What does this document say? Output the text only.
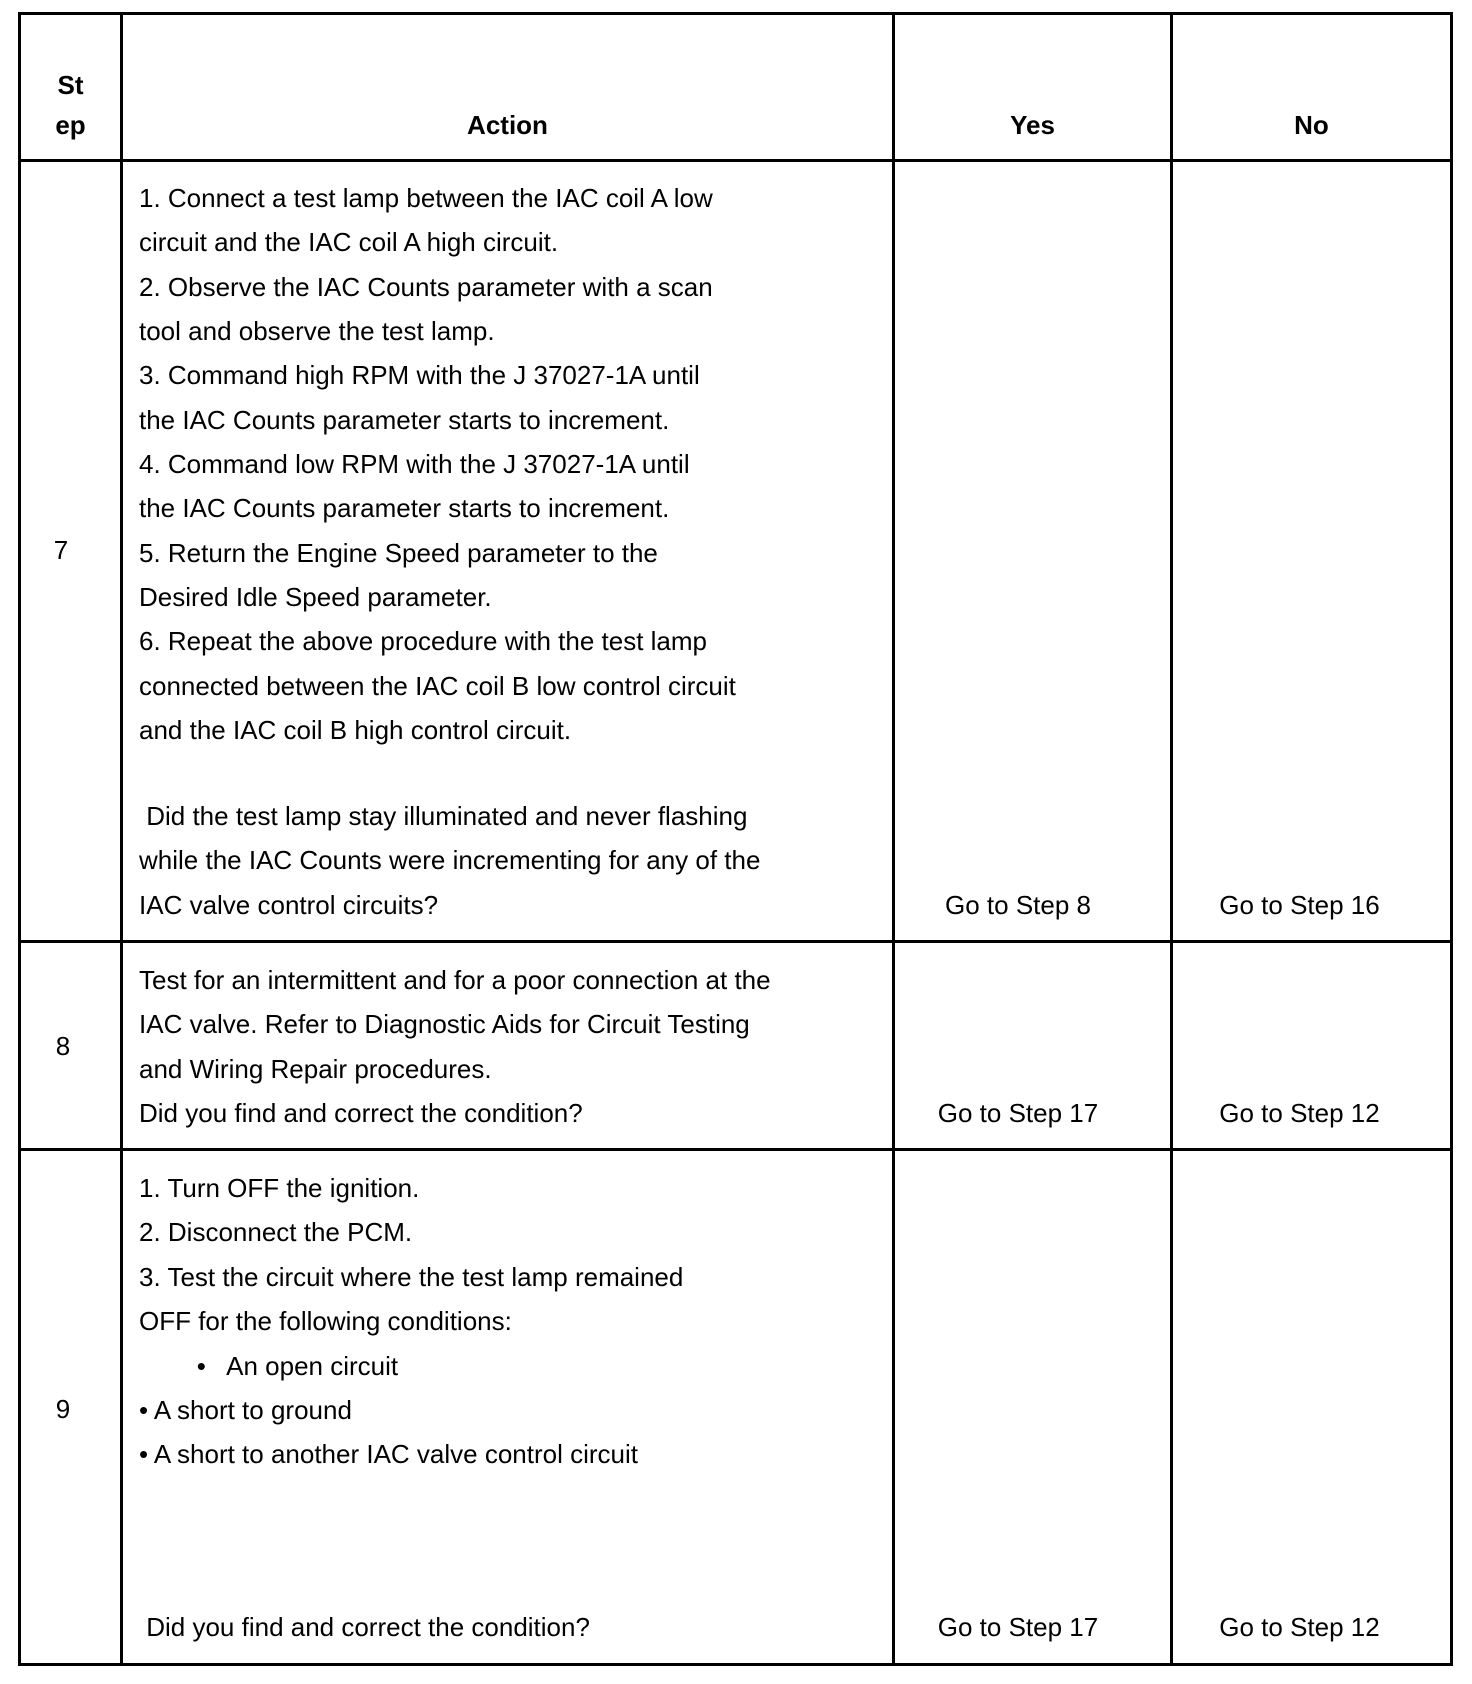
St
ep	Action	Yes	No
7
1. Connect a test lamp between the IAC coil A low
circuit and the IAC coil A high circuit.
2. Observe the IAC Counts parameter with a scan
tool and observe the test lamp.
3. Command high RPM with the J 37027-1A until
the IAC Counts parameter starts to increment.
4. Command low RPM with the J 37027-1A until
the IAC Counts parameter starts to increment.
5. Return the Engine Speed parameter to the
Desired Idle Speed parameter.
6. Repeat the above procedure with the test lamp
connected between the IAC coil B low control circuit
and the IAC coil B high control circuit.
Did the test lamp stay illuminated and never flashing
while the IAC Counts were incrementing for any of the
IAC valve control circuits?	Go to Step 8	Go to Step 16
8
Test for an intermittent and for a poor connection at the
IAC valve. Refer to Diagnostic Aids for Circuit Testing
and Wiring Repair procedures.
Did you find and correct the condition?	Go to Step 17	Go to Step 12
9
1. Turn OFF the ignition.
2. Disconnect the PCM.
3. Test the circuit where the test lamp remained
OFF for the following conditions:
•   An open circuit
• A short to ground
• A short to another IAC valve control circuit
Did you find and correct the condition?	Go to Step 17	Go to Step 12
